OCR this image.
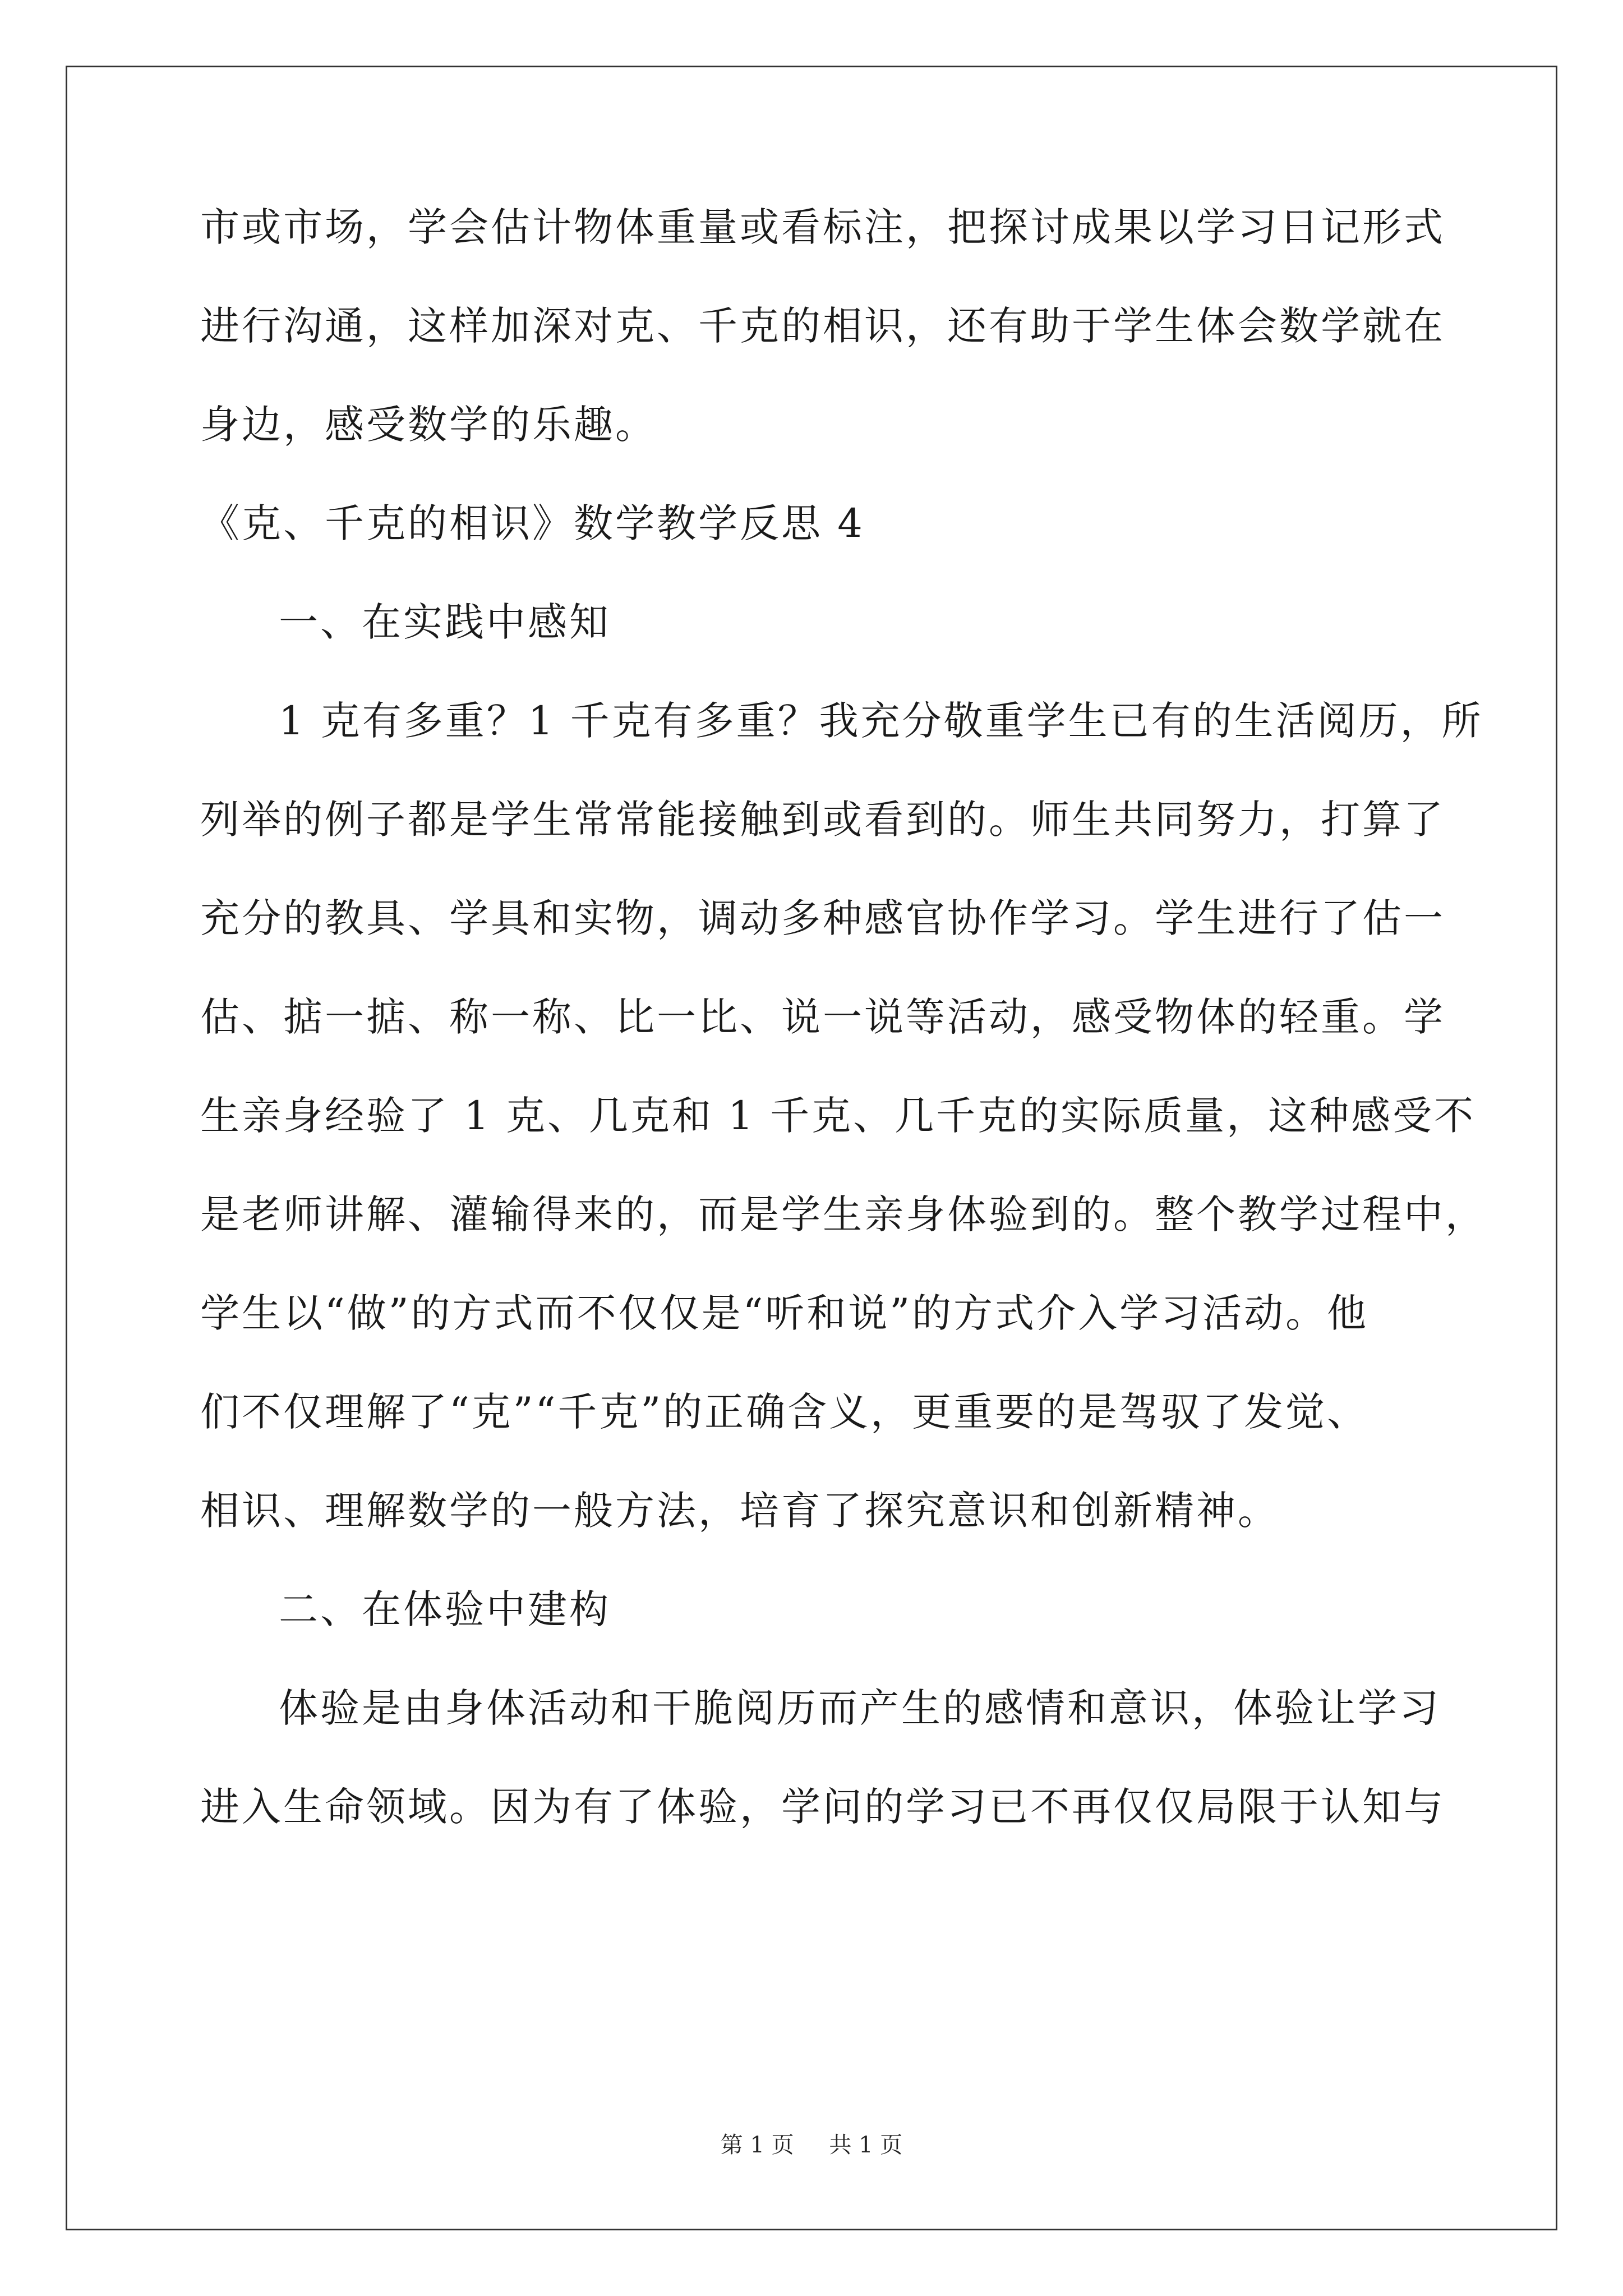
市或市场，学会估计物体重量或看标注，把探讨成果以学习日记形式
进行沟通，这样加深对克、千克的相识，还有助于学生体会数学就在
身边，感受数学的乐趣。
《克、千克的相识》数学教学反思 4
一、在实践中感知
1 克有多重？1 千克有多重？我充分敬重学生已有的生活阅历，所
列举的例子都是学生常常能接触到或看到的。师生共同努力，打算了
充分的教具、学具和实物，调动多种感官协作学习。学生进行了估一
估、掂一掂、称一称、比一比、说一说等活动，感受物体的轻重。学
生亲身经验了 1 克、几克和 1 千克、几千克的实际质量，这种感受不
是老师讲解、灌输得来的，而是学生亲身体验到的。整个教学过程中，
学生以“做”的方式而不仅仅是“听和说”的方式介入学习活动。他
们不仅理解了“克”“千克”的正确含义，更重要的是驾驭了发觉、
相识、理解数学的一般方法，培育了探究意识和创新精神。
二、在体验中建构
体验是由身体活动和干脆阅历而产生的感情和意识，体验让学习
进入生命领域。因为有了体验，学问的学习已不再仅仅局限于认知与
第 1 页 共 1 页
